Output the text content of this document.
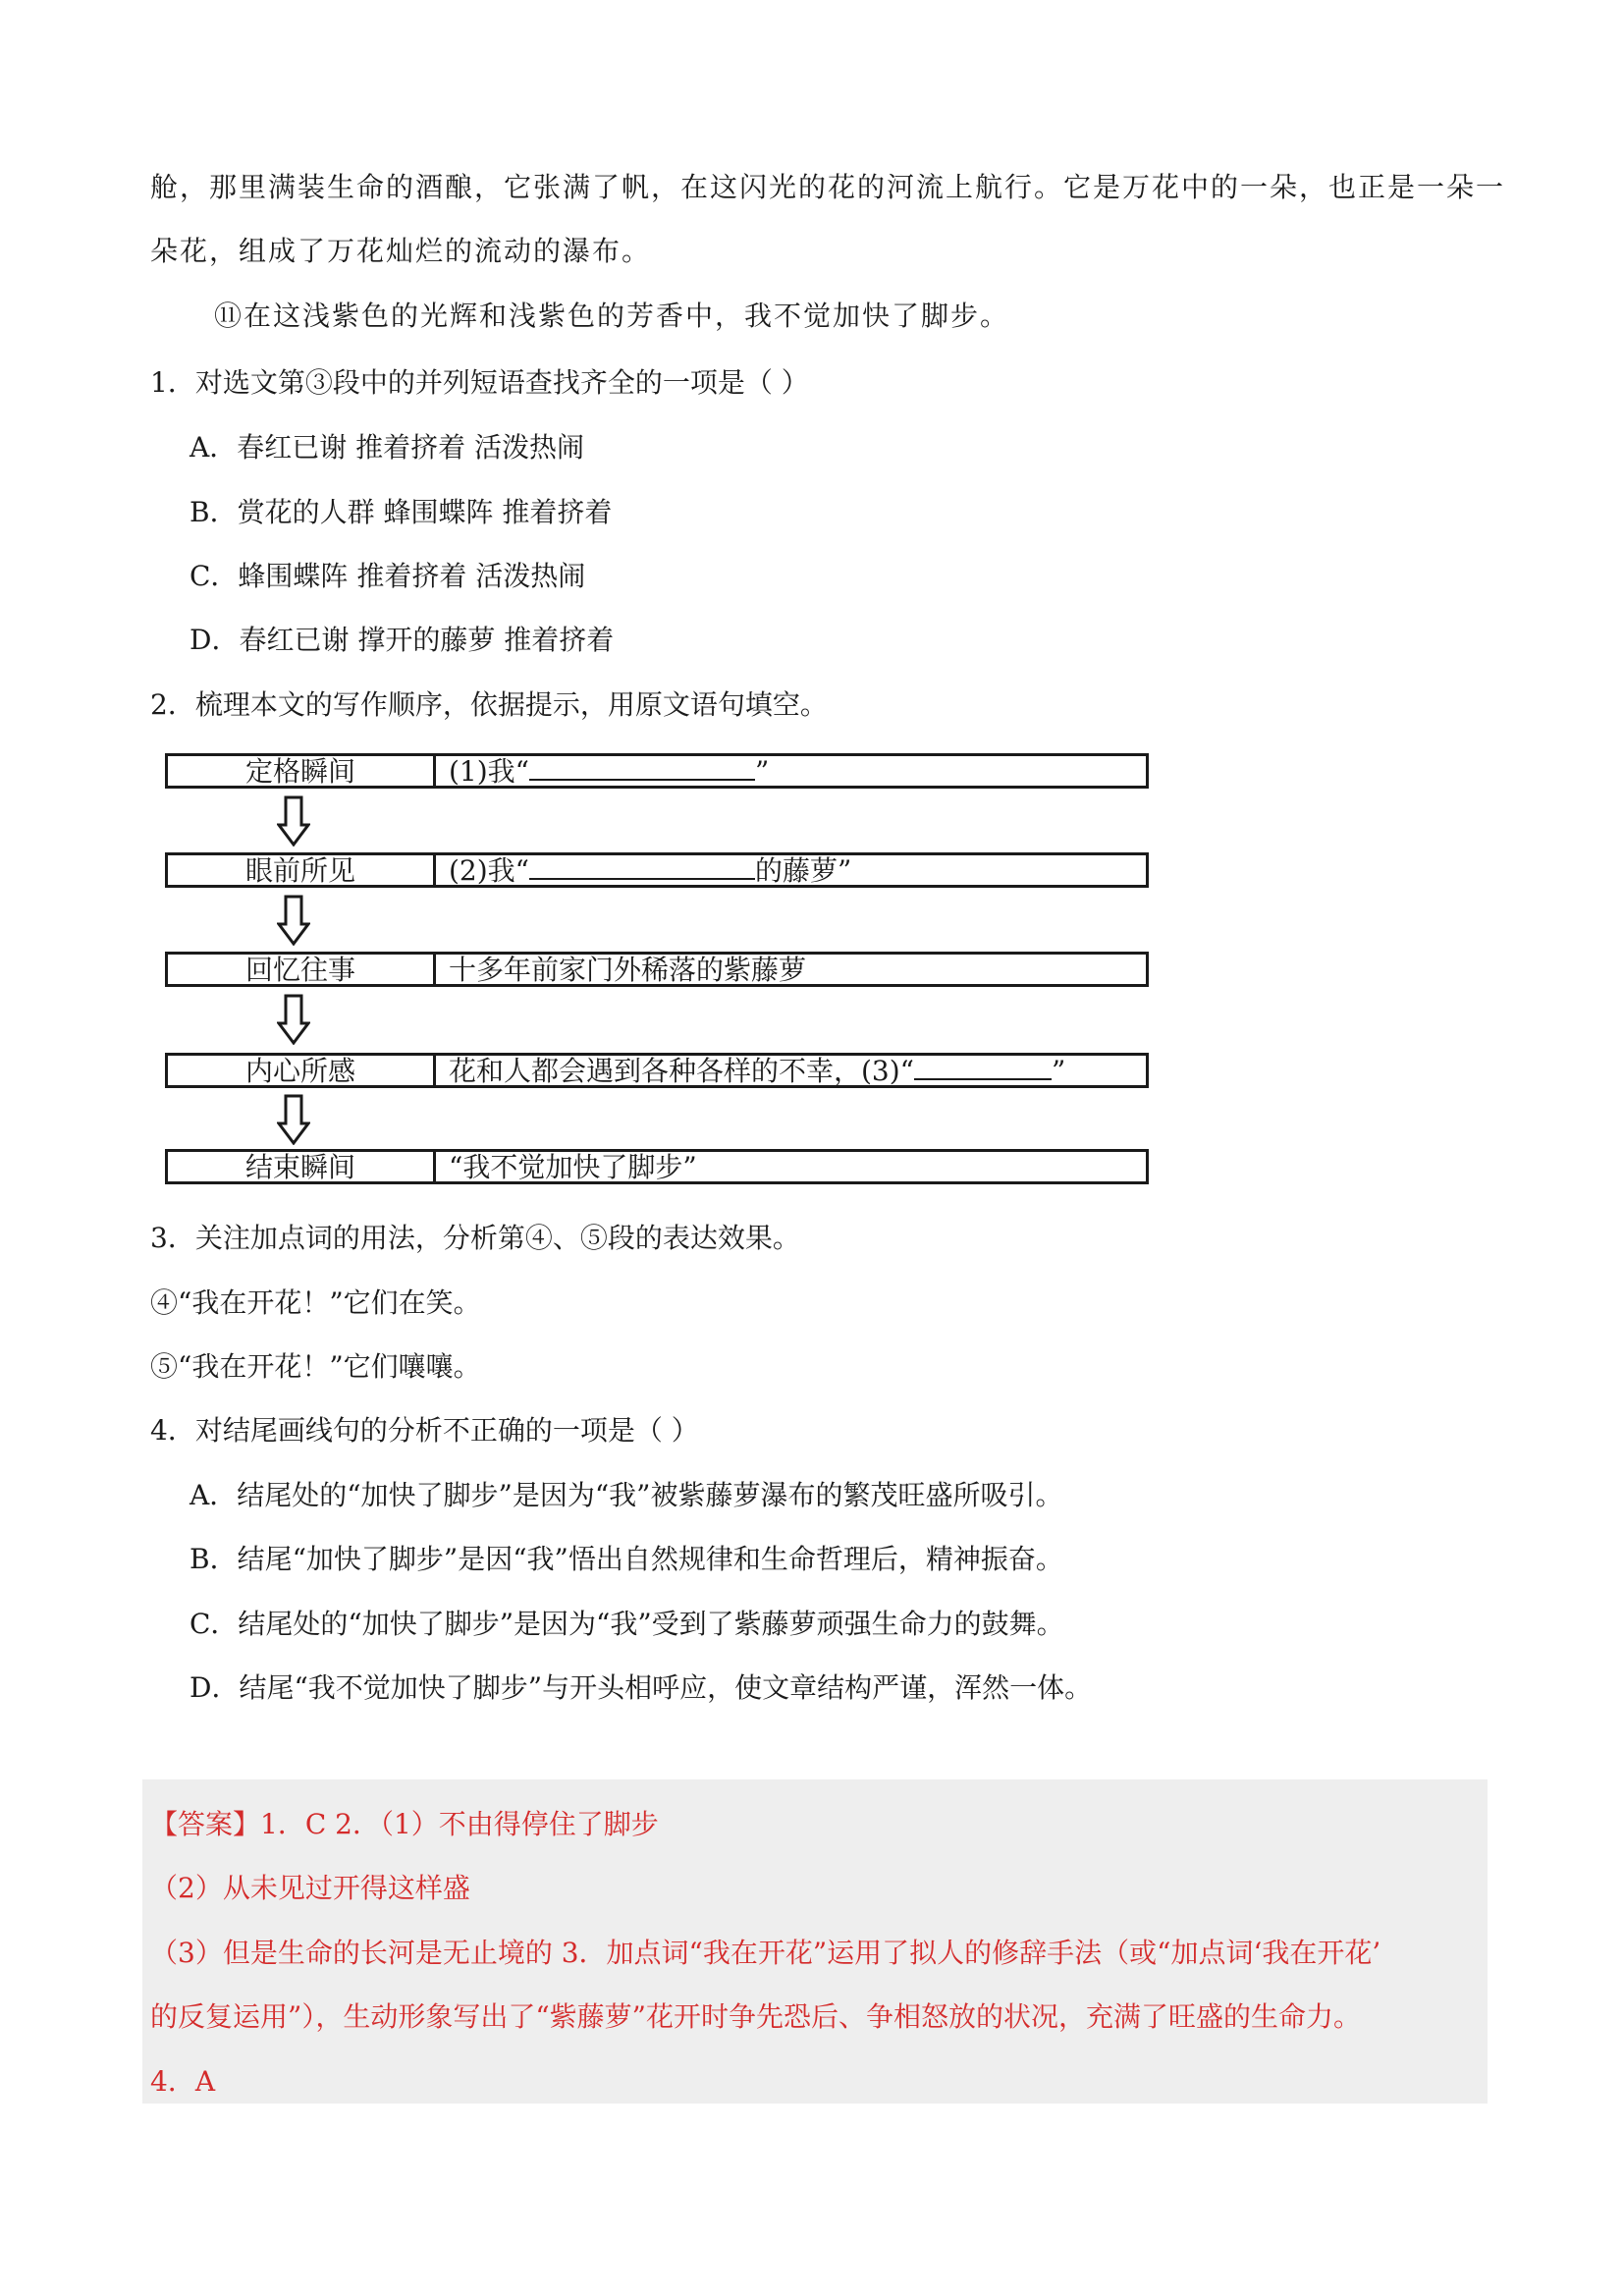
舱，那里满装生命的酒酿，它张满了帆，在这闪光的花的河流上航行。它是万花中的一朵，也正是一朵一
朵花，组成了万花灿烂的流动的瀑布。
⑪在这浅紫色的光辉和浅紫色的芳香中，我不觉加快了脚步。
1．对选文第③段中的并列短语查找齐全的一项是（ ）
A．春红已谢 推着挤着 活泼热闹
B．赏花的人群 蜂围蝶阵 推着挤着
C．蜂围蝶阵 推着挤着 活泼热闹
D．春红已谢 撑开的藤萝 推着挤着
2．梳理本文的写作顺序，依据提示，用原文语句填空。
定格瞬间	(1)我“	”
眼前所见	(2)我“	的藤萝”
回忆往事	十多年前家门外稀落的紫藤萝
内心所感	花和人都会遇到各种各样的不幸，(3)“	”
结束瞬间	“我不觉加快了脚步”
3．关注加点词的用法，分析第④、⑤段的表达效果。
④“我在开花！”它们在笑。
⑤“我在开花！”它们嚷嚷。
4．对结尾画线句的分析不正确的一项是（ ）
A．结尾处的“加快了脚步”是因为“我”被紫藤萝瀑布的繁茂旺盛所吸引。
B．结尾“加快了脚步”是因“我”悟出自然规律和生命哲理后，精神振奋。
C．结尾处的“加快了脚步”是因为“我”受到了紫藤萝顽强生命力的鼓舞。
D．结尾“我不觉加快了脚步”与开头相呼应，使文章结构严谨，浑然一体。
【答案】1．C 2．（1）不由得停住了脚步
（2）从未见过开得这样盛
（3）但是生命的长河是无止境的 3．加点词“我在开花”运用了拟人的修辞手法（或“加点词‘我在开花’
的反复运用”），生动形象写出了“紫藤萝”花开时争先恐后、争相怒放的状况，充满了旺盛的生命力。
4．A
